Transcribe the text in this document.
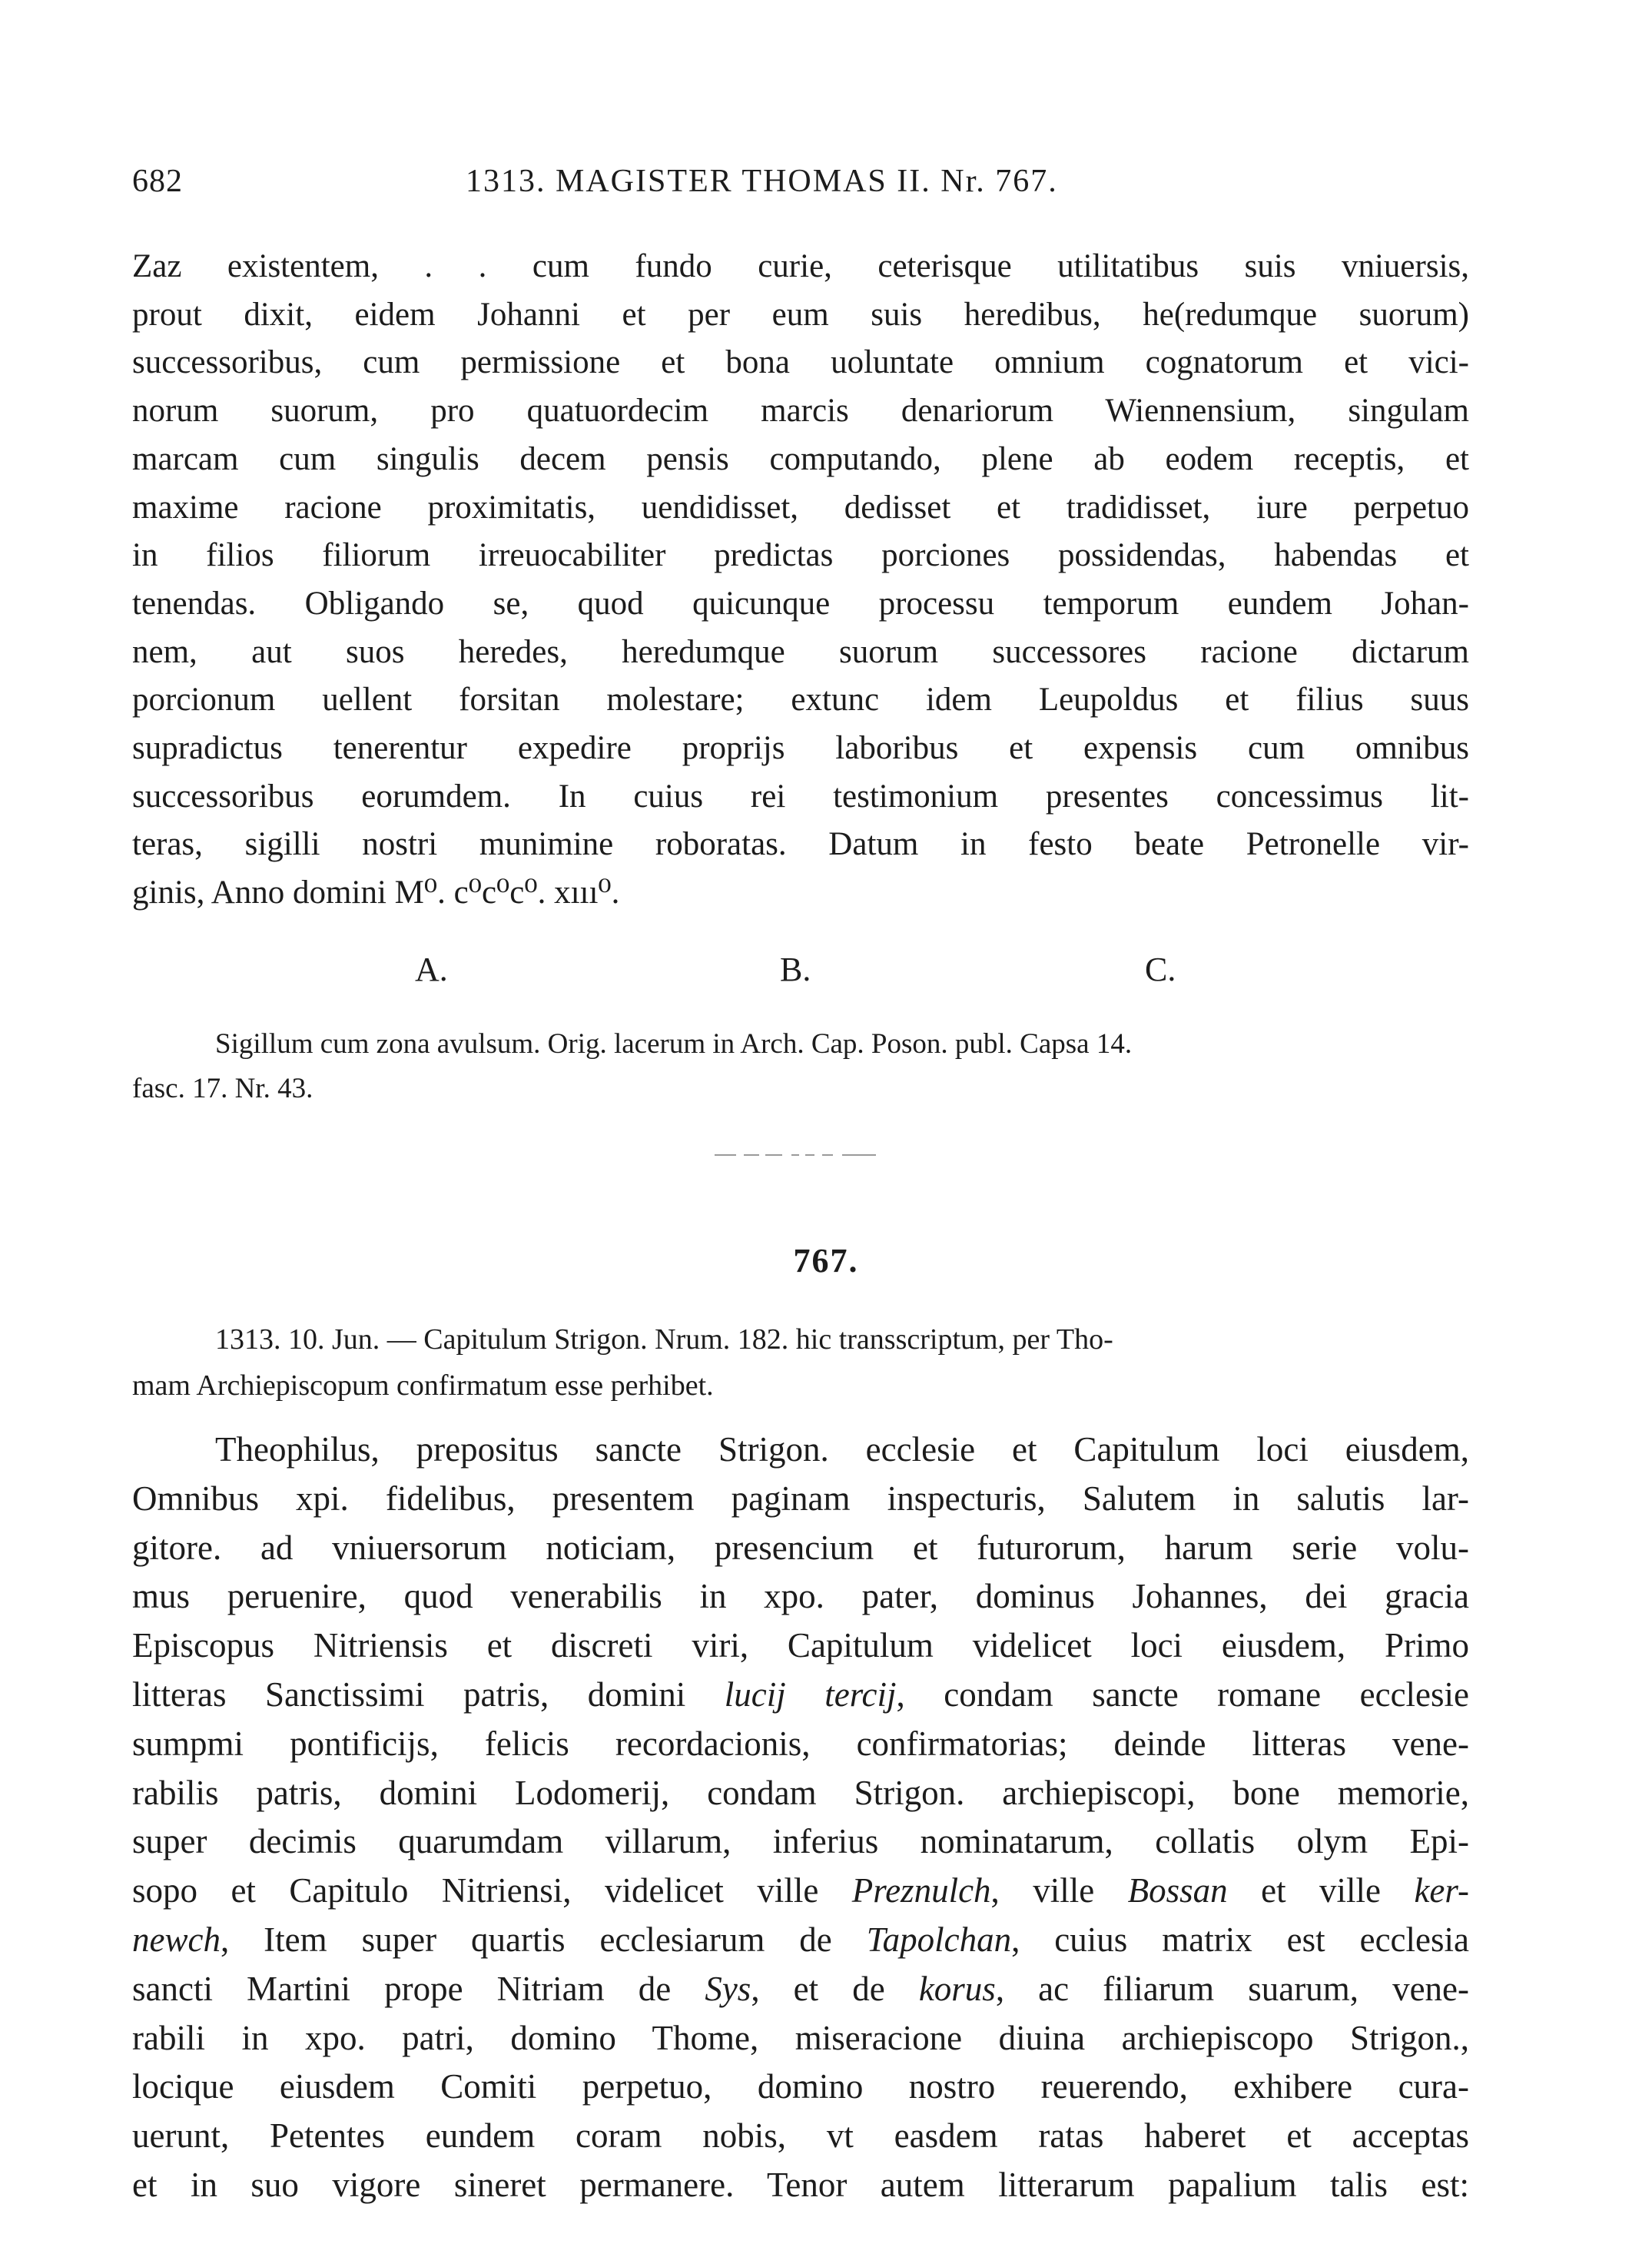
682	1313. MAGISTER THOMAS II. Nr. 767.

Zaz existentem, . . cum fundo curie, ceterisque utilitatibus suis vniuersis,

prout dixit, eidem Johanni et per eum suis heredibus, he(redumque suorum)

successoribus, cum permissione et bona uoluntate omnium cognatorum et vici-

norum suorum, pro quatuordecim marcis denariorum Wiennensium, singulam

marcam cum singulis decem pensis computando, plene ab eodem receptis, et

maxime racione proximitatis, uendidisset, dedisset et tradidisset, iure perpetuo

in filios filiorum irreuocabiliter predictas porciones possidendas, habendas et

tenendas. Obligando se, quod quicunque processu temporum eundem Johan-

nem, aut suos heredes, heredumque suorum successores racione dictarum

porcionum uellent forsitan molestare; extunc idem Leupoldus et filius suus

supradictus tenerentur expedire proprijs laboribus et expensis cum omnibus

successoribus eorumdem. In cuius rei testimonium presentes concessimus lit-

teras, sigilli nostri munimine roboratas. Datum in festo beate Petronelle vir-

ginis, Anno domini M⁰. c⁰c⁰c⁰. xııı⁰.

A.	B.	C.

Sigillum cum zona avulsum. Orig. lacerum in Arch. Cap. Poson. publ. Capsa 14.

fasc. 17. Nr. 43.

767.

1313. 10. Jun. — Capitulum Strigon. Nrum. 182. hic transscriptum, per Tho-

mam Archiepiscopum confirmatum esse perhibet.

Theophilus, prepositus sancte Strigon. ecclesie et Capitulum loci eiusdem,

Omnibus xpi. fidelibus, presentem paginam inspecturis, Salutem in salutis lar-

gitore. ad vniuersorum noticiam, presencium et futurorum, harum serie volu-

mus peruenire, quod venerabilis in xpo. pater, dominus Johannes, dei gracia

Episcopus Nitriensis et discreti viri, Capitulum videlicet loci eiusdem, Primo

litteras Sanctissimi patris, domini lucij tercij, condam sancte romane ecclesie

sumpmi pontificijs, felicis recordacionis, confirmatorias; deinde litteras vene-

rabilis patris, domini Lodomerij, condam Strigon. archiepiscopi, bone memorie,

super decimis quarumdam villarum, inferius nominatarum, collatis olym Epi-

sopo et Capitulo Nitriensi, videlicet ville Preznulch, ville Bossan et ville ker-

newch, Item super quartis ecclesiarum de Tapolchan, cuius matrix est ecclesia

sancti Martini prope Nitriam de Sys, et de korus, ac filiarum suarum, vene-

rabili in xpo. patri, domino Thome, miseracione diuina archiepiscopo Strigon.,

locique eiusdem Comiti perpetuo, domino nostro reuerendo, exhibere cura-

uerunt, Petentes eundem coram nobis, vt easdem ratas haberet et acceptas

et in suo vigore sineret permanere. Tenor autem litterarum papalium talis est:
